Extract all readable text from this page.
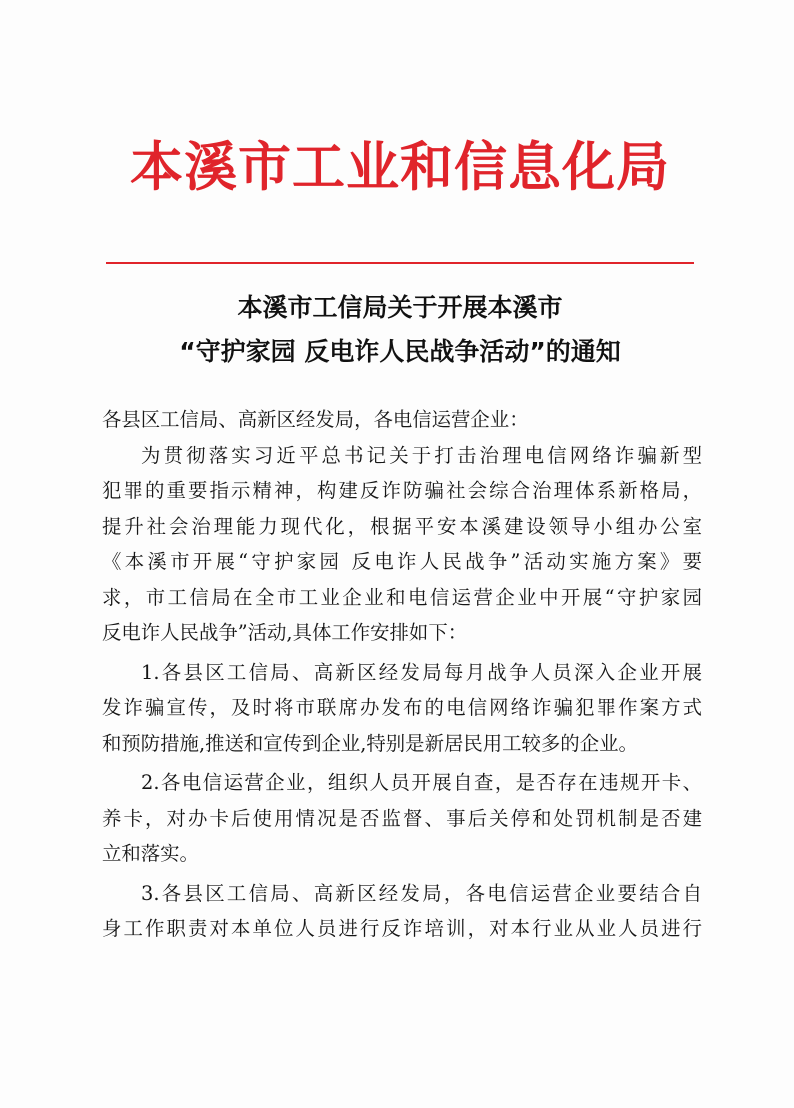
本溪市工业和信息化局
本溪市工信局关于开展本溪市
“守护家园 反电诈人民战争活动”的通知
各县区工信局、高新区经发局，各电信运营企业：
为贯彻落实习近平总书记关于打击治理电信网络诈骗新型
犯罪的重要指示精神，构建反诈防骗社会综合治理体系新格局，
提升社会治理能力现代化，根据平安本溪建设领导小组办公室
《本溪市开展“守护家园 反电诈人民战争”活动实施方案》要
求，市工信局在全市工业企业和电信运营企业中开展“守护家园
反电诈人民战争”活动,具体工作安排如下：
1.各县区工信局、高新区经发局每月战争人员深入企业开展
发诈骗宣传，及时将市联席办发布的电信网络诈骗犯罪作案方式
和预防措施,推送和宣传到企业,特别是新居民用工较多的企业。
2.各电信运营企业，组织人员开展自查，是否存在违规开卡、
养卡，对办卡后使用情况是否监督、事后关停和处罚机制是否建
立和落实。
3.各县区工信局、高新区经发局，各电信运营企业要结合自
身工作职责对本单位人员进行反诈培训，对本行业从业人员进行
